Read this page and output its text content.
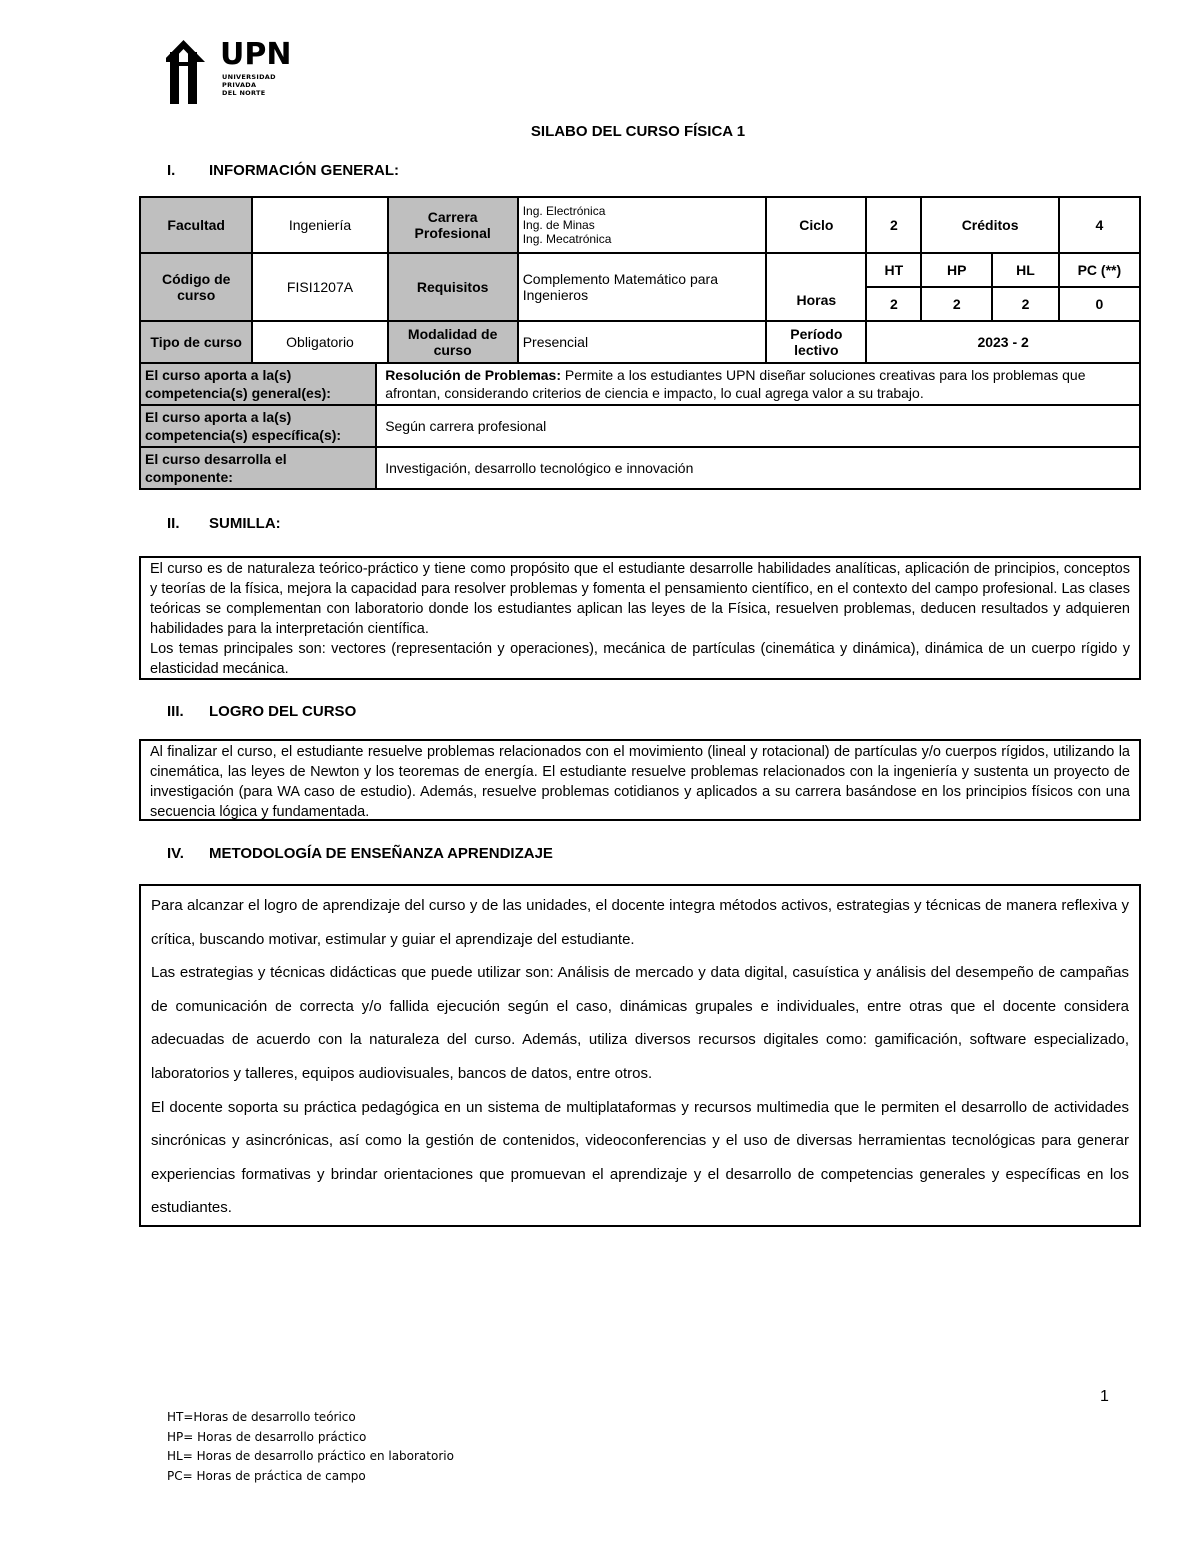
UPN
UNIVERSIDAD
PRIVADA
DEL NORTE
SILABO DEL CURSO FÍSICA 1
I. INFORMACIÓN GENERAL:
Facultad	Ingeniería		Carrera Profesional	Ing. Electrónica
Ing. de Minas
Ing. Mecatrónica	Ciclo	2	Créditos		4
Código de curso	FISI1207A		Requisitos	Complemento Matemático para Ingenieros	Horas	HT	HP	HL	PC (**)
						2	2	2	0
Tipo de curso	Obligatorio		Modalidad de curso	Presencial	Período lectivo	2023 - 2			
El curso aporta a la(s) competencia(s) general(es):		Resolución de Problemas: Permite a los estudiantes UPN diseñar soluciones creativas para los problemas que afrontan, considerando criterios de ciencia e impacto, lo cual agrega valor a su trabajo.							
El curso aporta a la(s) competencia(s) específica(s):		Según carrera profesional							
El curso desarrolla el componente:		Investigación, desarrollo tecnológico e innovación							
II. SUMILLA:

El curso es de naturaleza teórico-práctico y tiene como propósito que el estudiante desarrolle habilidades analíticas, aplicación de principios, conceptos y teorías de la física, mejora la capacidad para resolver problemas y fomenta el pensamiento científico, en el contexto del campo profesional. Las clases teóricas se complementan con laboratorio donde los estudiantes aplican las leyes de la Física, resuelven problemas, deducen resultados y adquieren habilidades para la interpretación científica.

Los temas principales son: vectores (representación y operaciones), mecánica de partículas (cinemática y dinámica), dinámica de un cuerpo rígido y elasticidad mecánica.

III. LOGRO DEL CURSO

Al finalizar el curso, el estudiante resuelve problemas relacionados con el movimiento (lineal y rotacional) de partículas y/o cuerpos rígidos, utilizando la cinemática, las leyes de Newton y los teoremas de energía. El estudiante resuelve problemas relacionados con la ingeniería y sustenta un proyecto de investigación (para WA caso de estudio). Además, resuelve problemas cotidianos y aplicados a su carrera basándose en los principios físicos con una secuencia lógica y fundamentada.

IV. METODOLOGÍA DE ENSEÑANZA APRENDIZAJE

Para alcanzar el logro de aprendizaje del curso y de las unidades, el docente integra métodos activos, estrategias y técnicas de manera reflexiva y crítica, buscando motivar, estimular y guiar el aprendizaje del estudiante.

Las estrategias y técnicas didácticas que puede utilizar son: Análisis de mercado y data digital, casuística y análisis del desempeño de campañas de comunicación de correcta y/o fallida ejecución según el caso, dinámicas grupales e individuales, entre otras que el docente considera adecuadas de acuerdo con la naturaleza del curso. Además, utiliza diversos recursos digitales como: gamificación, software especializado, laboratorios y talleres, equipos audiovisuales, bancos de datos, entre otros.

El docente soporta su práctica pedagógica en un sistema de multiplataformas y recursos multimedia que le permiten el desarrollo de actividades sincrónicas y asincrónicas, así como la gestión de contenidos, videoconferencias y el uso de diversas herramientas tecnológicas para generar experiencias formativas y brindar orientaciones que promuevan el aprendizaje y el desarrollo de competencias generales y específicas en los estudiantes.

1
HT=Horas de desarrollo teórico
HP= Horas de desarrollo práctico
HL= Horas de desarrollo práctico en laboratorio
PC= Horas de práctica de campo
